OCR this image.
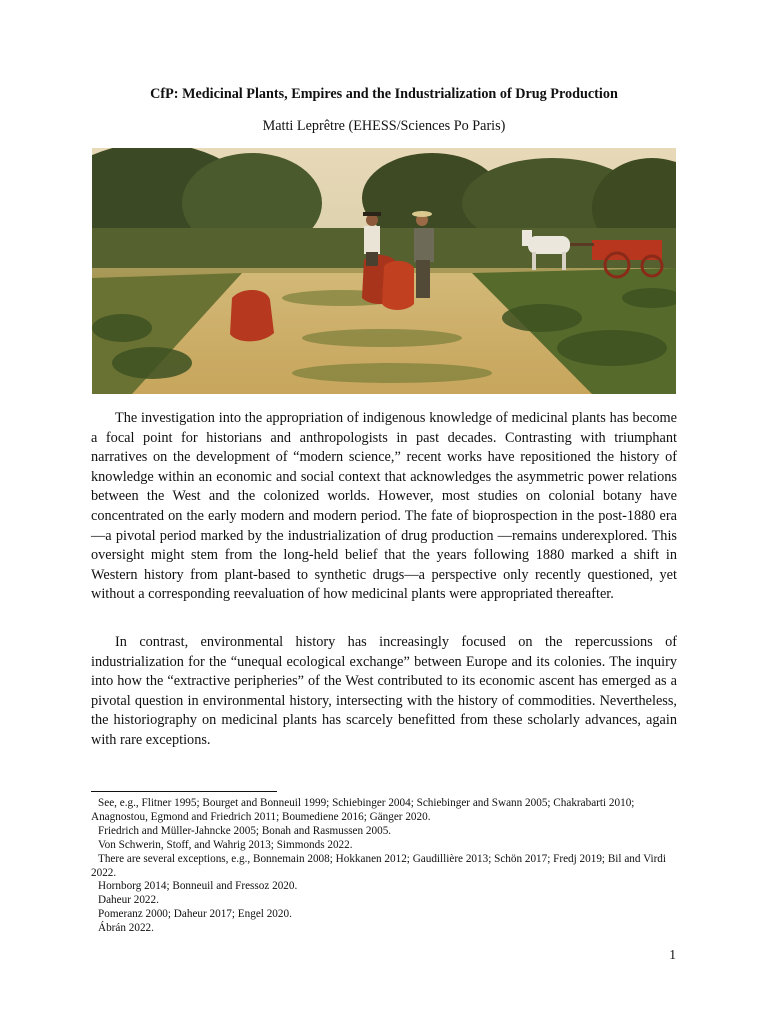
CfP: Medicinal Plants, Empires and the Industrialization of Drug Production

Matti Leprêtre (EHESS/Sciences Po Paris)

The investigation into the appropriation of indigenous knowledge of medicinal plants has become a focal point for historians and anthropologists in past decades. Contrasting with triumphant narratives on the development of “modern science,” recent works have repositioned the history of knowledge within an economic and social context that acknowledges the asymmetric power relations between the West and the colonized worlds. However, most studies on colonial botany have concentrated on the early modern and modern period. The fate of bioprospection in the post-1880 era—a pivotal period marked by the industrialization of drug production —remains underexplored. This oversight might stem from the long-held belief that the years following 1880 marked a shift in Western history from plant-based to synthetic drugs—a perspective only recently questioned, yet without a corresponding reevaluation of how medicinal plants were appropriated thereafter.

In contrast, environmental history has increasingly focused on the repercussions of industrialization for the “unequal ecological exchange” between Europe and its colonies. The inquiry into how the “extractive peripheries” of the West contributed to its economic ascent has emerged as a pivotal question in environmental history, intersecting with the history of commodities. Nevertheless, the historiography on medicinal plants has scarcely benefitted from these scholarly advances, again with rare exceptions.

See, e.g., Flitner 1995; Bourget and Bonneuil 1999; Schiebinger 2004; Schiebinger and Swann 2005; Chakrabarti 2010; Anagnostou, Egmond and Friedrich 2011; Boumediene 2016; Gänger 2020.
Friedrich and Müller-Jahncke 2005; Bonah and Rasmussen 2005.
Von Schwerin, Stoff, and Wahrig 2013; Simmonds 2022.
There are several exceptions, e.g., Bonnemain 2008; Hokkanen 2012; Gaudillière 2013; Schön 2017; Fredj 2019; Bil and Virdi 2022.
Hornborg 2014; Bonneuil and Fressoz 2020.
Daheur 2022.
Pomeranz 2000; Daheur 2017; Engel 2020.
Ábrán 2022.
1
